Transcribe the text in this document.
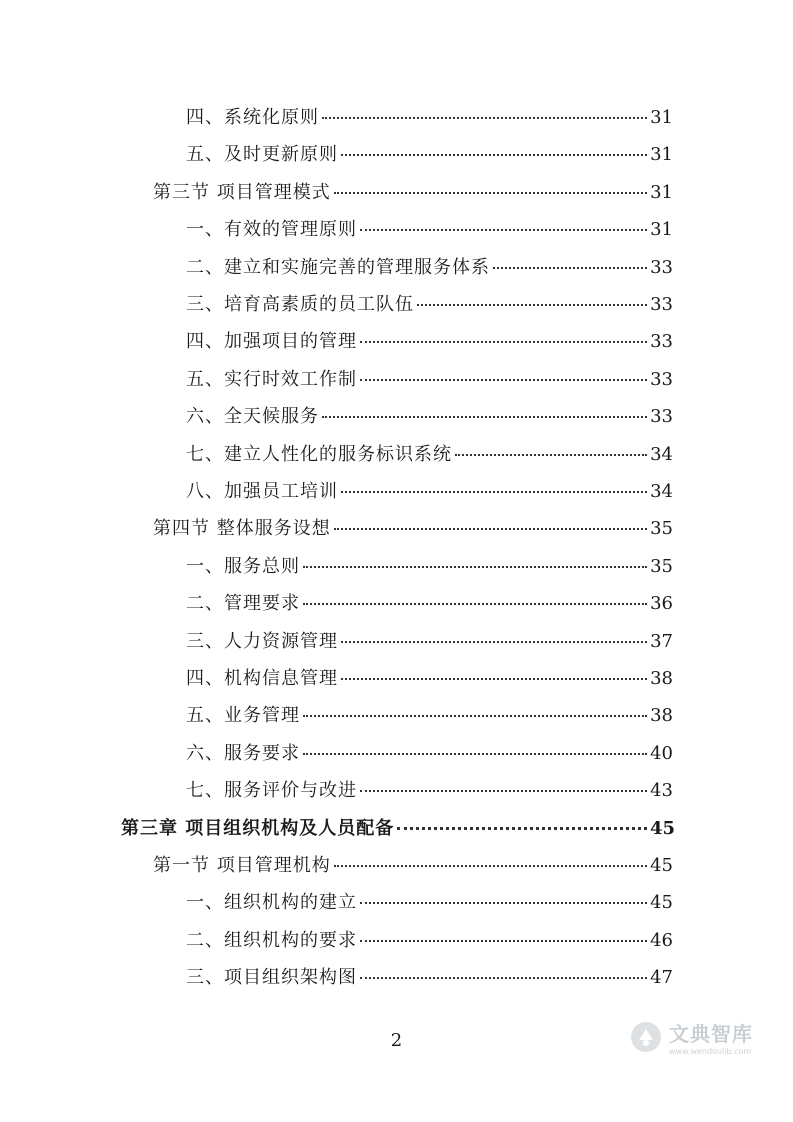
四、系统化原则	31
五、及时更新原则	31
第三节 项目管理模式	31
一、有效的管理原则	31
二、建立和实施完善的管理服务体系	33
三、培育高素质的员工队伍	33
四、加强项目的管理	33
五、实行时效工作制	33
六、全天候服务	33
七、建立人性化的服务标识系统	34
八、加强员工培训	34
第四节 整体服务设想	35
一、服务总则	35
二、管理要求	36
三、人力资源管理	37
四、机构信息管理	38
五、业务管理	38
六、服务要求	40
七、服务评价与改进	43
第三章 项目组织机构及人员配备	45
第一节 项目管理机构	45
一、组织机构的建立	45
二、组织机构的要求	46
三、项目组织架构图	47
2	文典智库
www.wendoulib.com
